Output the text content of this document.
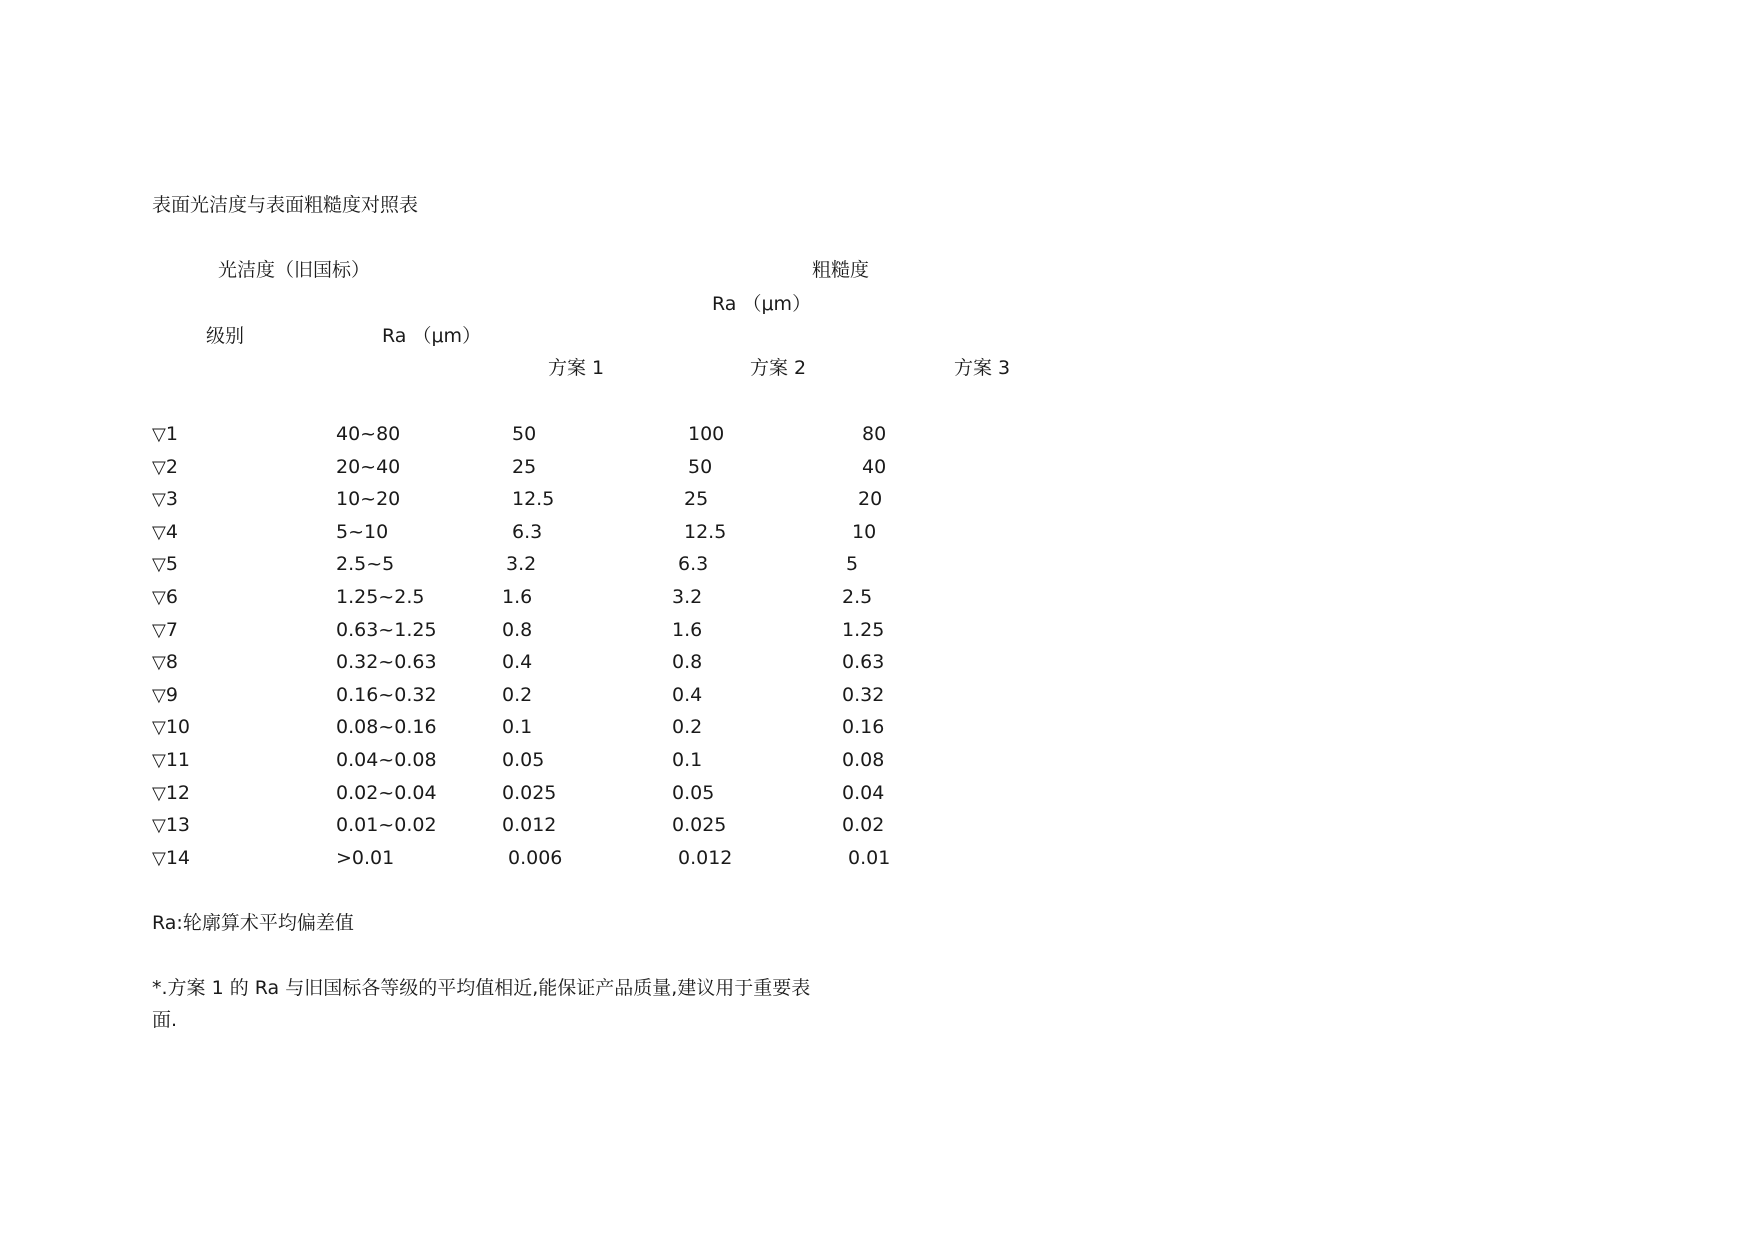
表面光洁度与表面粗糙度对照表
光洁度（旧国标）	粗糙度
Ra （μm）
级别	Ra （μm）
方案 1	方案 2	方案 3
▽1	40~80	50	100	80
▽2	20~40	25	50	40
▽3	10~20	12.5	25	20
▽4	5~10	6.3	12.5	10
▽5	2.5~5	3.2	6.3	5
▽6	1.25~2.5	1.6	3.2	2.5
▽7	0.63~1.25	0.8	1.6	1.25
▽8	0.32~0.63	0.4	0.8	0.63
▽9	0.16~0.32	0.2	0.4	0.32
▽10	0.08~0.16	0.1	0.2	0.16
▽11	0.04~0.08	0.05	0.1	0.08
▽12	0.02~0.04	0.025	0.05	0.04
▽13	0.01~0.02	0.012	0.025	0.02
▽14	>0.01	0.006	0.012	0.01
Ra:轮廓算术平均偏差值
*.方案 1 的 Ra 与旧国标各等级的平均值相近,能保证产品质量,建议用于重要表
面.
